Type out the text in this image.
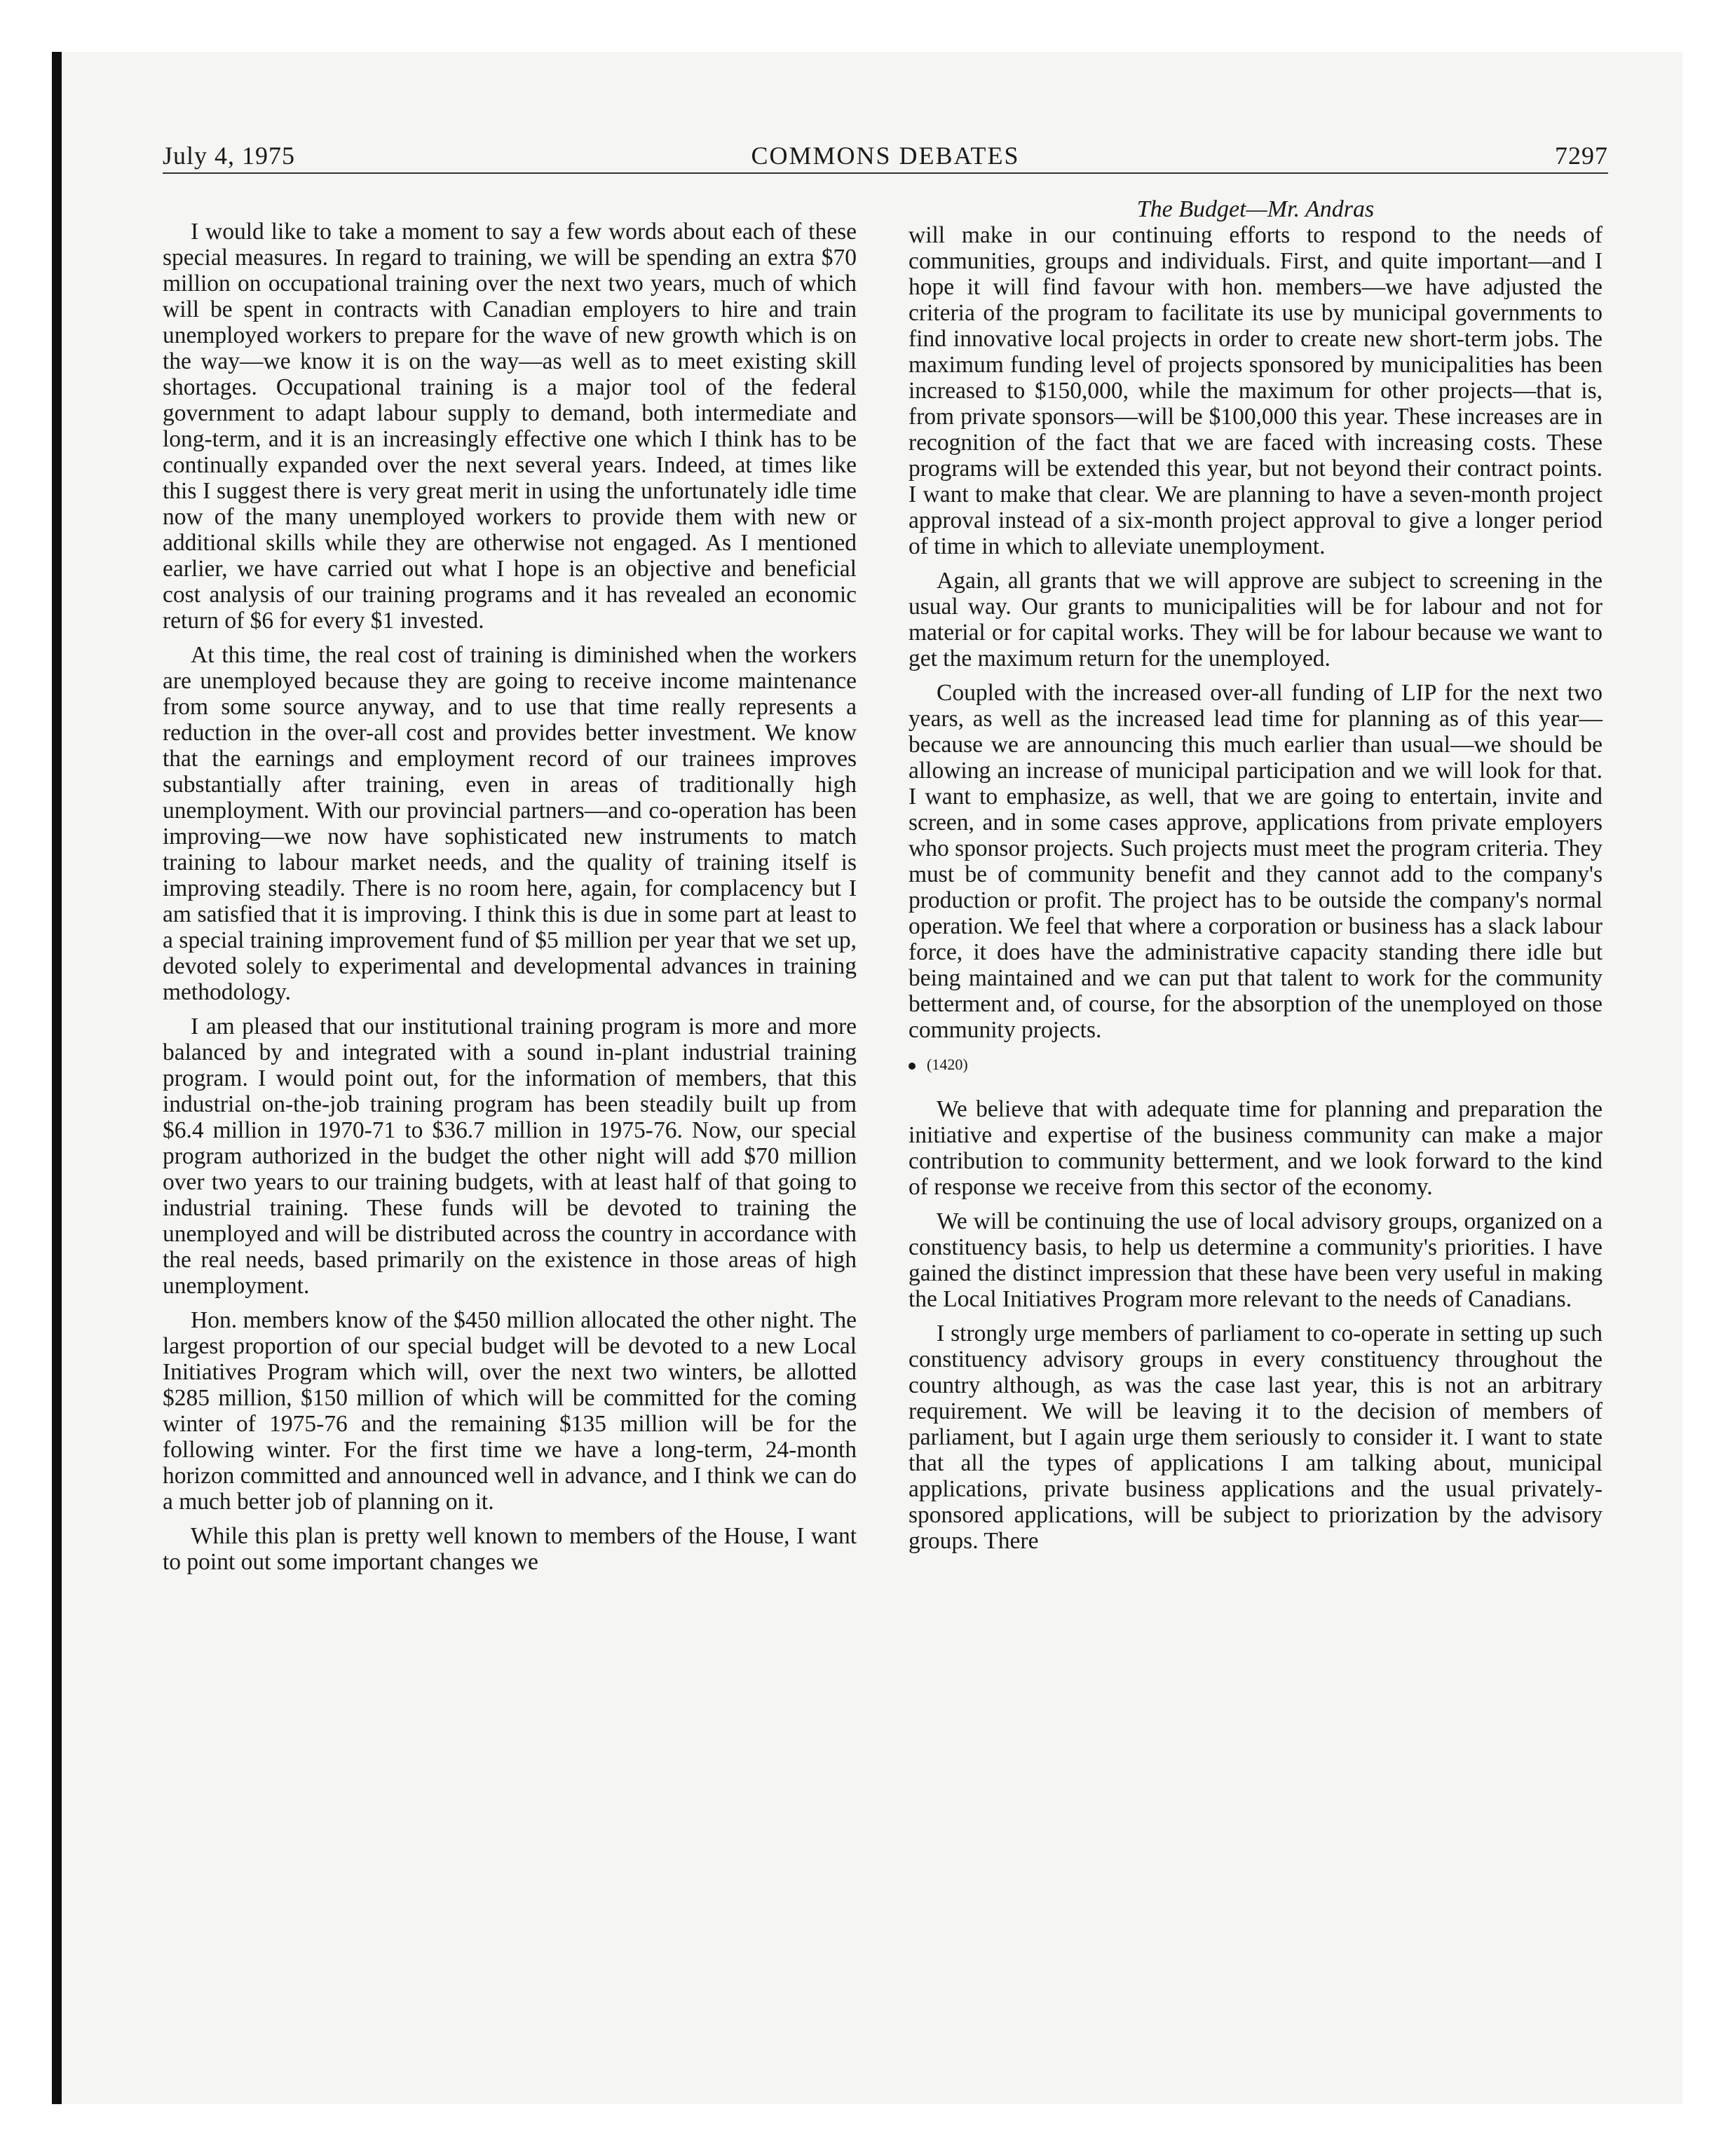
July 4, 1975	COMMONS DEBATES	7297

I would like to take a moment to say a few words about each of these special measures. In regard to training, we will be spending an extra $70 million on occupational training over the next two years, much of which will be spent in contracts with Canadian employers to hire and train unemployed workers to prepare for the wave of new growth which is on the way—we know it is on the way—as well as to meet existing skill shortages. Occupational training is a major tool of the federal government to adapt labour supply to demand, both intermediate and long-term, and it is an increasingly effective one which I think has to be continually expanded over the next several years. Indeed, at times like this I suggest there is very great merit in using the unfortunately idle time now of the many unemployed workers to provide them with new or additional skills while they are otherwise not engaged. As I mentioned earlier, we have carried out what I hope is an objective and beneficial cost analysis of our training programs and it has revealed an economic return of $6 for every $1 invested.

At this time, the real cost of training is diminished when the workers are unemployed because they are going to receive income maintenance from some source anyway, and to use that time really represents a reduction in the over-all cost and provides better investment. We know that the earnings and employment record of our trainees improves substantially after training, even in areas of traditionally high unemployment. With our provincial partners—and co-operation has been improving—we now have sophisticated new instruments to match training to labour market needs, and the quality of training itself is improving steadily. There is no room here, again, for complacency but I am satisfied that it is improving. I think this is due in some part at least to a special training improvement fund of $5 million per year that we set up, devoted solely to experimental and developmental advances in training methodology.

I am pleased that our institutional training program is more and more balanced by and integrated with a sound in-plant industrial training program. I would point out, for the information of members, that this industrial on-the-job training program has been steadily built up from $6.4 million in 1970-71 to $36.7 million in 1975-76. Now, our special program authorized in the budget the other night will add $70 million over two years to our training budgets, with at least half of that going to industrial training. These funds will be devoted to training the unemployed and will be distributed across the country in accordance with the real needs, based primarily on the existence in those areas of high unemployment.

Hon. members know of the $450 million allocated the other night. The largest proportion of our special budget will be devoted to a new Local Initiatives Program which will, over the next two winters, be allotted $285 million, $150 million of which will be committed for the coming winter of 1975-76 and the remaining $135 million will be for the following winter. For the first time we have a long-term, 24-month horizon committed and announced well in advance, and I think we can do a much better job of planning on it.

While this plan is pretty well known to members of the House, I want to point out some important changes we

The Budget—Mr. Andras

will make in our continuing efforts to respond to the needs of communities, groups and individuals. First, and quite important—and I hope it will find favour with hon. members—we have adjusted the criteria of the program to facilitate its use by municipal governments to find innovative local projects in order to create new short-term jobs. The maximum funding level of projects sponsored by municipalities has been increased to $150,000, while the maximum for other projects—that is, from private sponsors—will be $100,000 this year. These increases are in recognition of the fact that we are faced with increasing costs. These programs will be extended this year, but not beyond their contract points. I want to make that clear. We are planning to have a seven-month project approval instead of a six-month project approval to give a longer period of time in which to alleviate unemployment.

Again, all grants that we will approve are subject to screening in the usual way. Our grants to municipalities will be for labour and not for material or for capital works. They will be for labour because we want to get the maximum return for the unemployed.

Coupled with the increased over-all funding of LIP for the next two years, as well as the increased lead time for planning as of this year—because we are announcing this much earlier than usual—we should be allowing an increase of municipal participation and we will look for that. I want to emphasize, as well, that we are going to entertain, invite and screen, and in some cases approve, applications from private employers who sponsor projects. Such projects must meet the program criteria. They must be of community benefit and they cannot add to the company's production or profit. The project has to be outside the company's normal operation. We feel that where a corporation or business has a slack labour force, it does have the administrative capacity standing there idle but being maintained and we can put that talent to work for the community betterment and, of course, for the absorption of the unemployed on those community projects.

(1420)

We believe that with adequate time for planning and preparation the initiative and expertise of the business community can make a major contribution to community betterment, and we look forward to the kind of response we receive from this sector of the economy.

We will be continuing the use of local advisory groups, organized on a constituency basis, to help us determine a community's priorities. I have gained the distinct impression that these have been very useful in making the Local Initiatives Program more relevant to the needs of Canadians.

I strongly urge members of parliament to co-operate in setting up such constituency advisory groups in every constituency throughout the country although, as was the case last year, this is not an arbitrary requirement. We will be leaving it to the decision of members of parliament, but I again urge them seriously to consider it. I want to state that all the types of applications I am talking about, municipal applications, private business applications and the usual privately-sponsored applications, will be subject to priorization by the advisory groups. There
